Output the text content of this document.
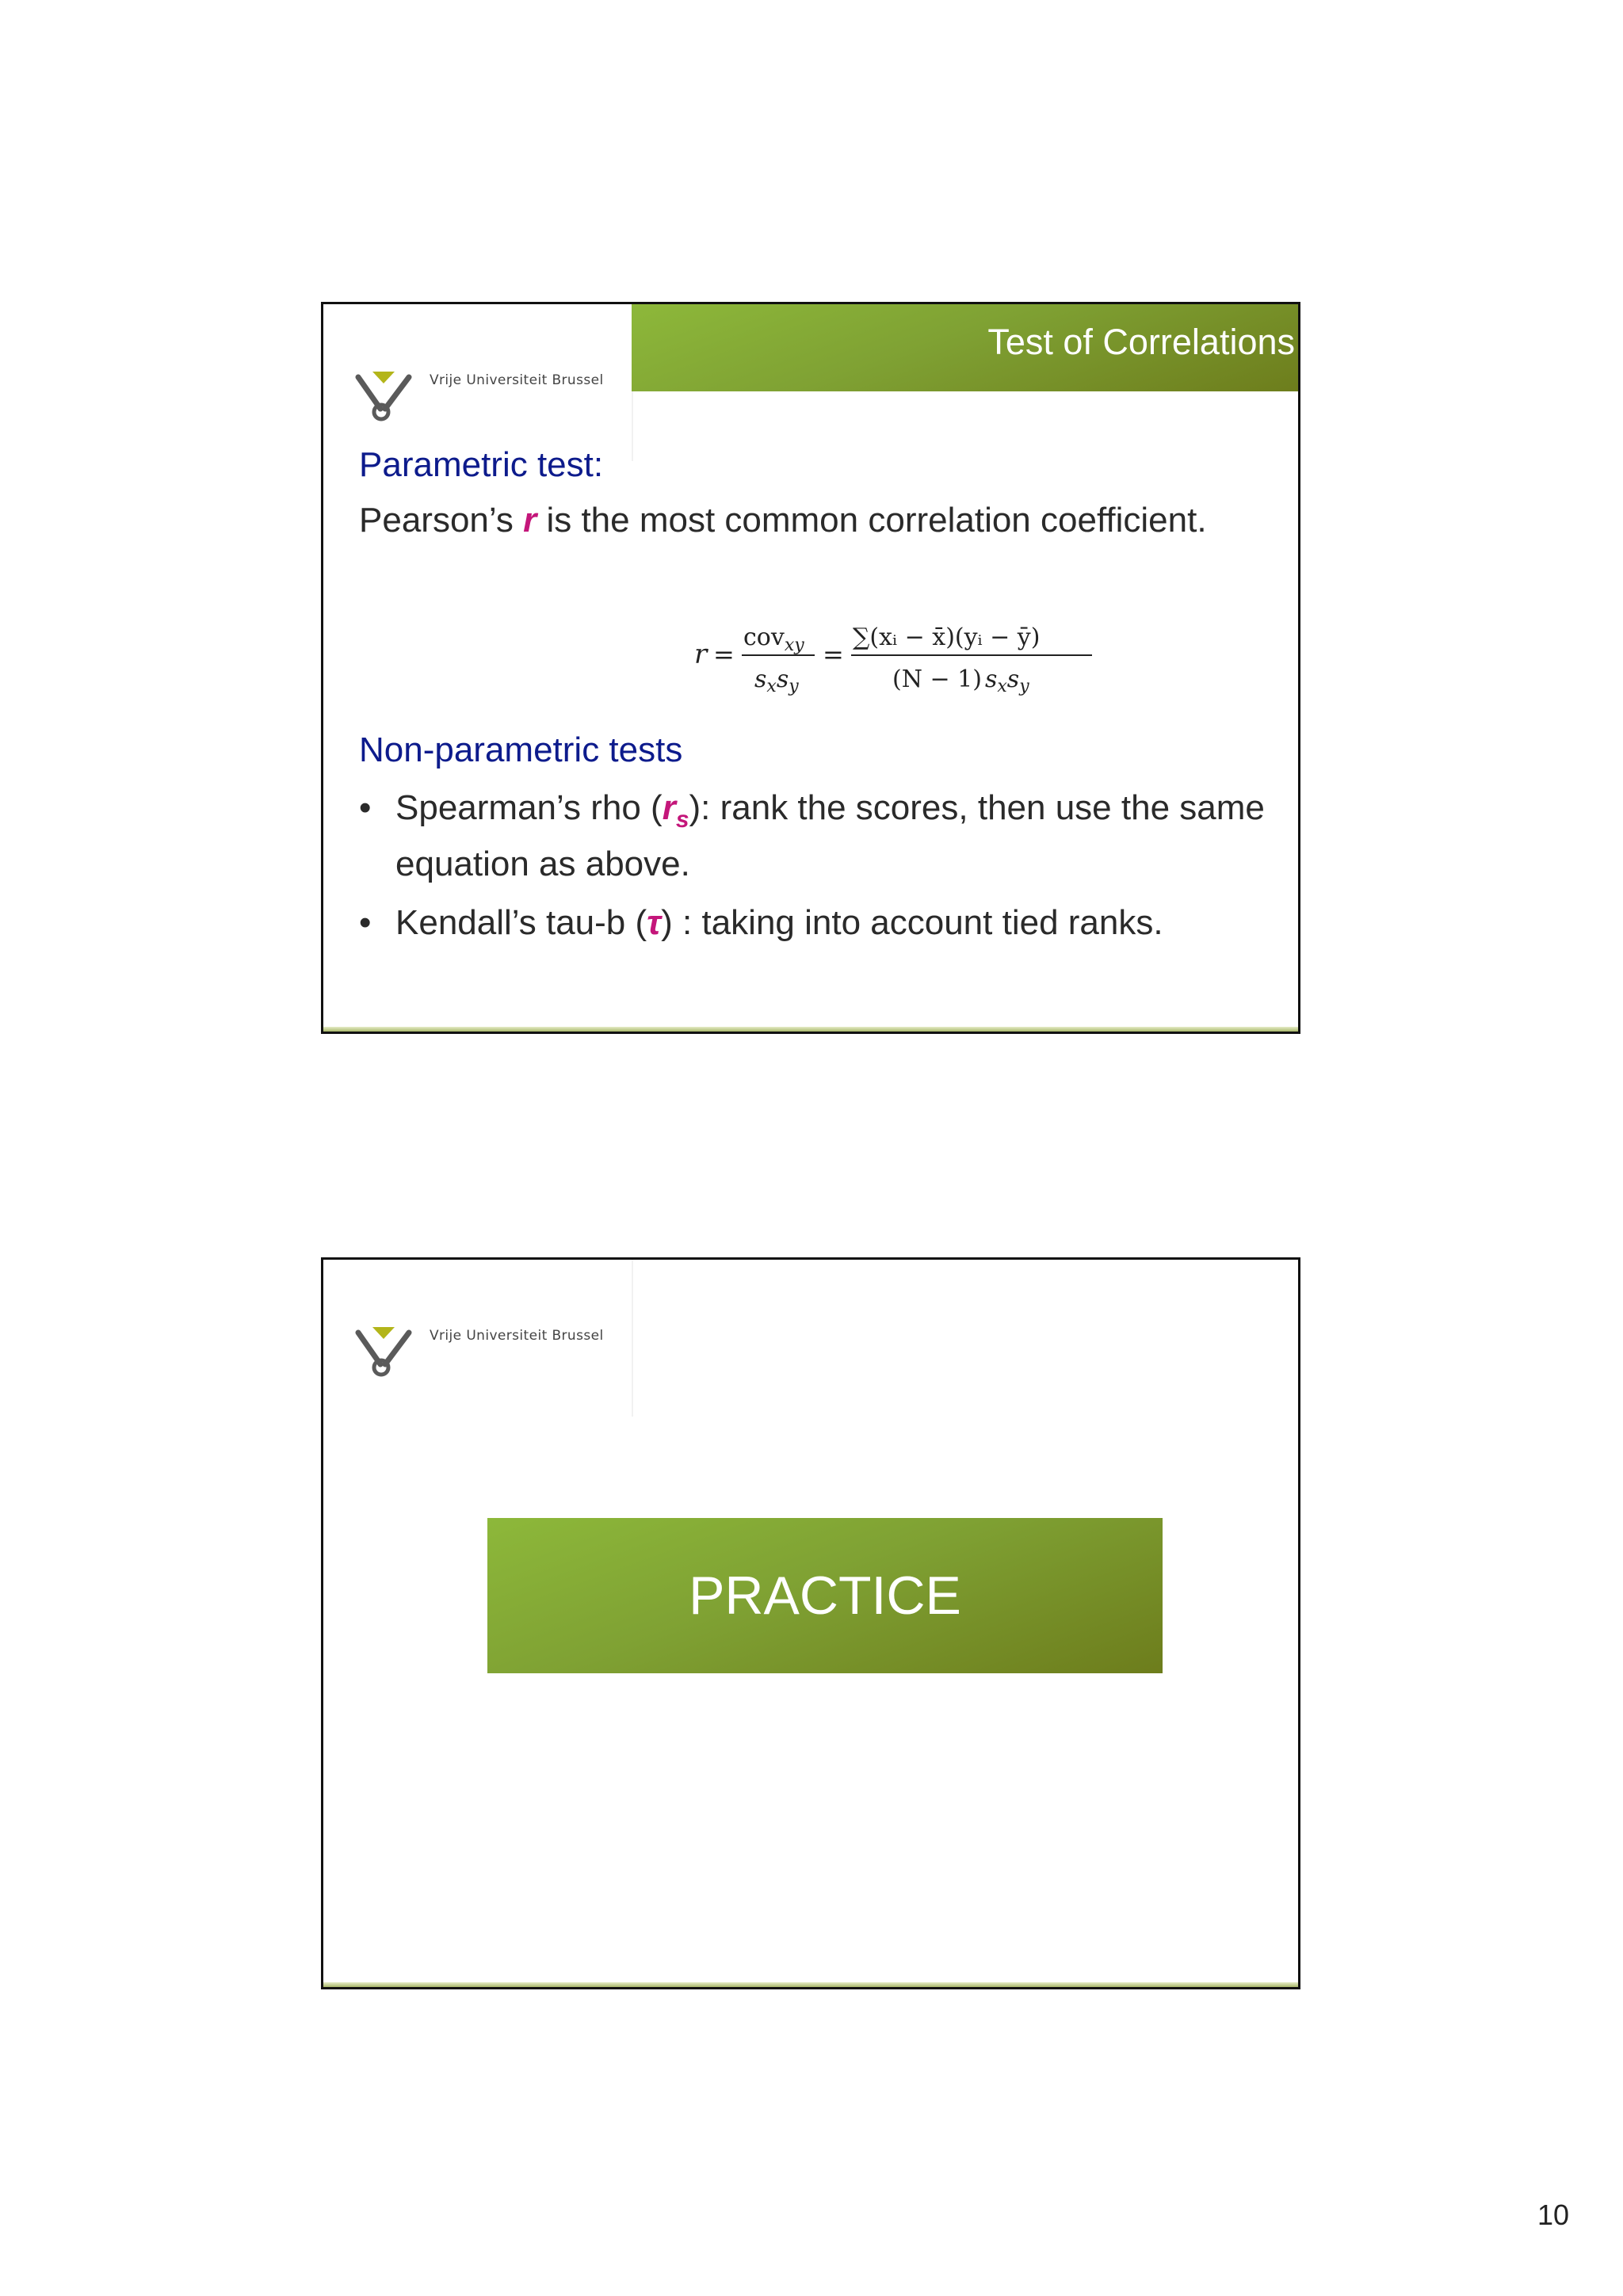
Vrije Universiteit Brussel
Test of Correlations
Parametric test:
Pearson’s r is the most common correlation coefficient.
r =
cov$_{xy}$
$s_xs_y$
=
∑(xᵢ − x̄)(yᵢ − ȳ)
(N − 1) $s_xs_y$
Non-parametric tests
• Spearman’s rho $(r_s)$: rank the scores, then use the same equation as above.
• Kendall’s tau-b (τ) : taking into account tied ranks.
Vrije Universiteit Brussel
PRACTICE
10
